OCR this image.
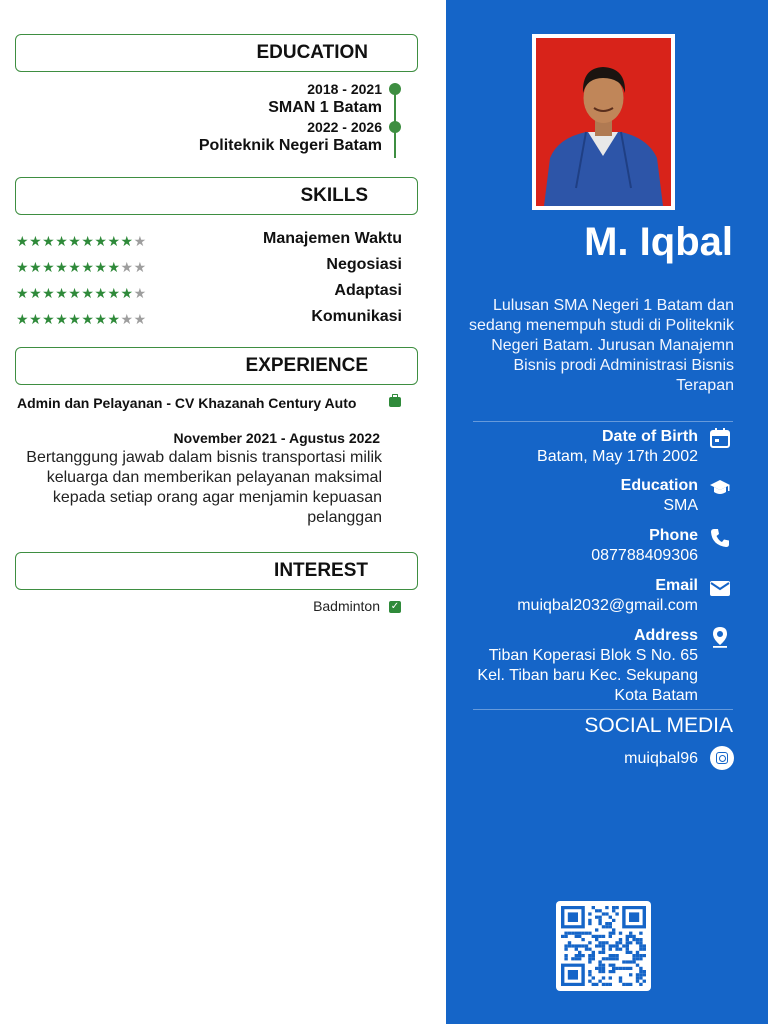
EDUCATION
2018 - 2021
SMAN 1 Batam
2022 - 2026
Politeknik Negeri Batam
SKILLS
★★★★★★★★★★	Manajemen Waktu
★★★★★★★★★★	Negosiasi
★★★★★★★★★★	Adaptasi
★★★★★★★★★★	Komunikasi
EXPERIENCE
Admin dan Pelayanan - CV Khazanah Century Auto
November 2021 - Agustus 2022
Bertanggung jawab dalam bisnis transportasi milik keluarga dan memberikan pelayanan maksimal kepada setiap orang agar menjamin kepuasan pelanggan
INTEREST
Badminton ✓
M. Iqbal
Lulusan SMA Negeri 1 Batam dan sedang menempuh studi di Politeknik Negeri Batam. Jurusan Manajemn Bisnis prodi Administrasi Bisnis Terapan
Date of Birth
Batam, May 17th 2002
Education
SMA
Phone
087788409306
Email
muiqbal2032@gmail.com
Address
Tiban Koperasi Blok S No. 65 Kel. Tiban baru Kec. Sekupang Kota Batam
SOCIAL MEDIA
muiqbal96
